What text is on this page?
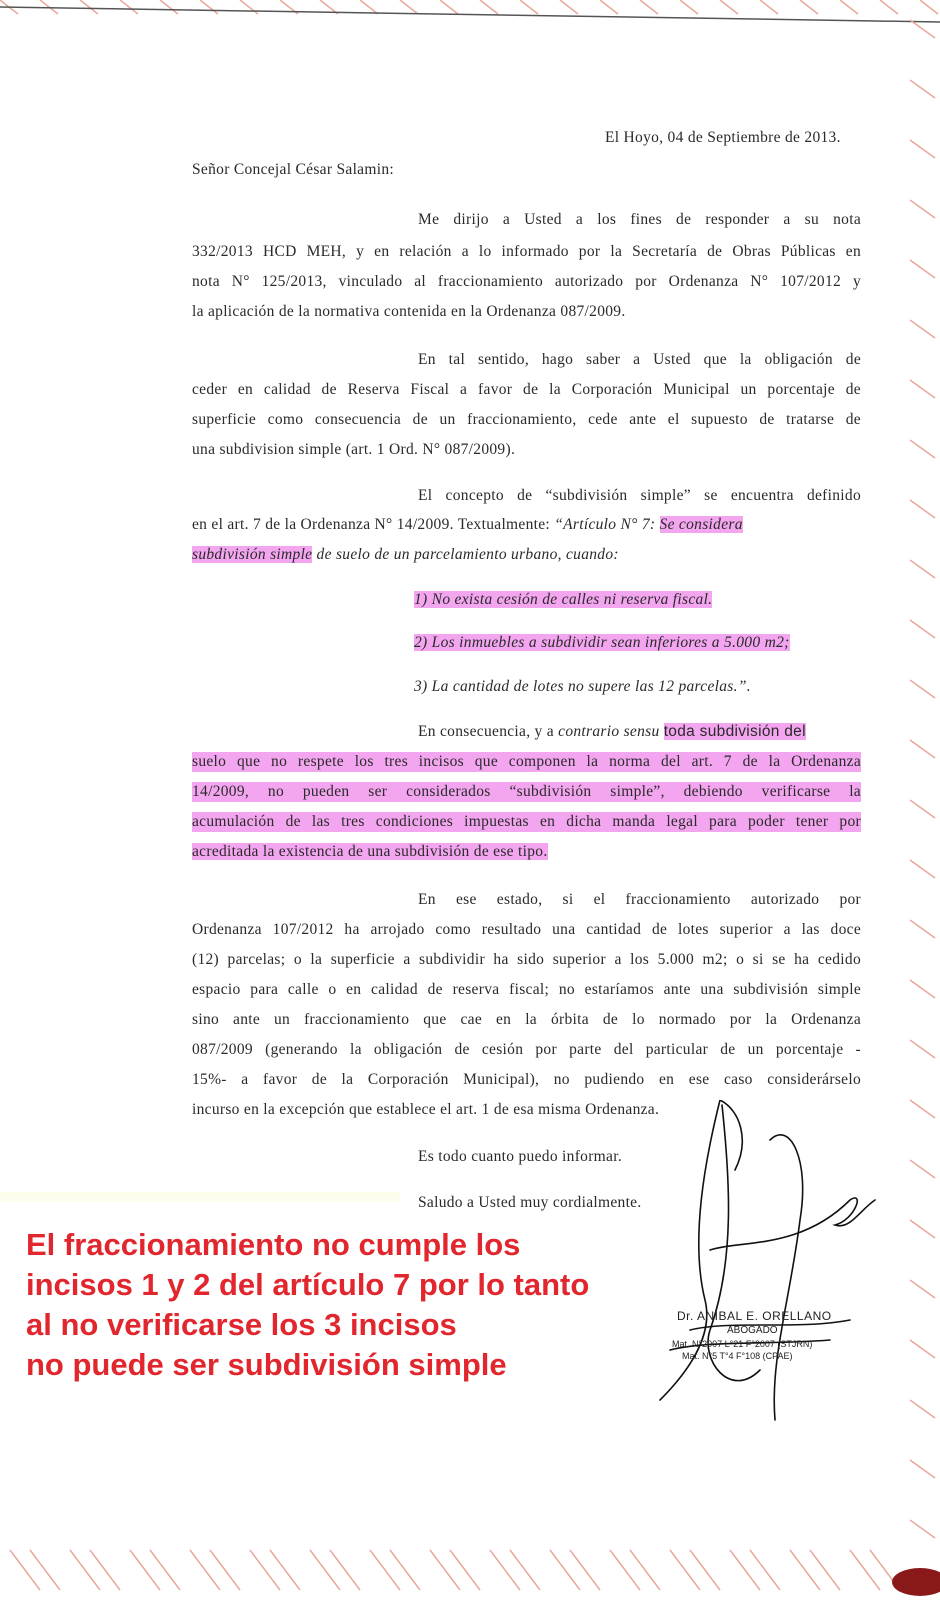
El Hoyo, 04 de Septiembre de 2013.
Señor Concejal César Salamin:
Me dirijo a Usted a los fines de responder a su nota
332/2013 HCD MEH, y en relación a lo informado por la Secretaría de Obras Públicas en
nota N° 125/2013, vinculado al fraccionamiento autorizado por Ordenanza N° 107/2012 y
la aplicación de la normativa contenida en la Ordenanza 087/2009.
En tal sentido, hago saber a Usted que la obligación de
ceder en calidad de Reserva Fiscal a favor de la Corporación Municipal un porcentaje de
superficie como consecuencia de un fraccionamiento, cede ante el supuesto de tratarse de
una subdivision simple (art. 1 Ord. N° 087/2009).
El concepto de “subdivisión simple” se encuentra definido
en el art. 7 de la Ordenanza N° 14/2009. Textualmente: “Artículo N° 7: Se considera
subdivisión simple de suelo de un parcelamiento urbano, cuando:
1) No exista cesión de calles ni reserva fiscal.
2) Los inmuebles a subdividir sean inferiores a 5.000 m2;
3) La cantidad de lotes no supere las 12 parcelas.”.
En consecuencia, y a contrario sensu toda subdivisión del
suelo que no respete los tres incisos que componen la norma del art. 7 de la Ordenanza
14/2009, no pueden ser considerados “subdivisión simple”, debiendo verificarse la
acumulación de las tres condiciones impuestas en dicha manda legal para poder tener por
acreditada la existencia de una subdivisión de ese tipo.
En ese estado, si el fraccionamiento autorizado por
Ordenanza 107/2012 ha arrojado como resultado una cantidad de lotes superior a las doce
(12) parcelas; o la superficie a subdividir ha sido superior a los 5.000 m2; o si se ha cedido
espacio para calle o en calidad de reserva fiscal; no estaríamos ante una subdivisión simple
sino ante un fraccionamiento que cae en la órbita de lo normado por la Ordenanza
087/2009 (generando la obligación de cesión por parte del particular de un porcentaje -
15%- a favor de la Corporación Municipal), no pudiendo en ese caso considerárselo
incurso en la excepción que establece el art. 1 de esa misma Ordenanza.
Es todo cuanto puedo informar.
Saludo a Usted muy cordialmente.
El fraccionamiento no cumple los
incisos 1 y 2 del artículo 7 por lo tanto
al no verificarse los 3 incisos
no puede ser subdivisión simple
Dr. ANIBAL E. ORELLANO
ABOGADO
Mat. N°2007 L°21 F°2007 (STJRN)
Mat. N°5 T°4 F°108 (CPAE)
